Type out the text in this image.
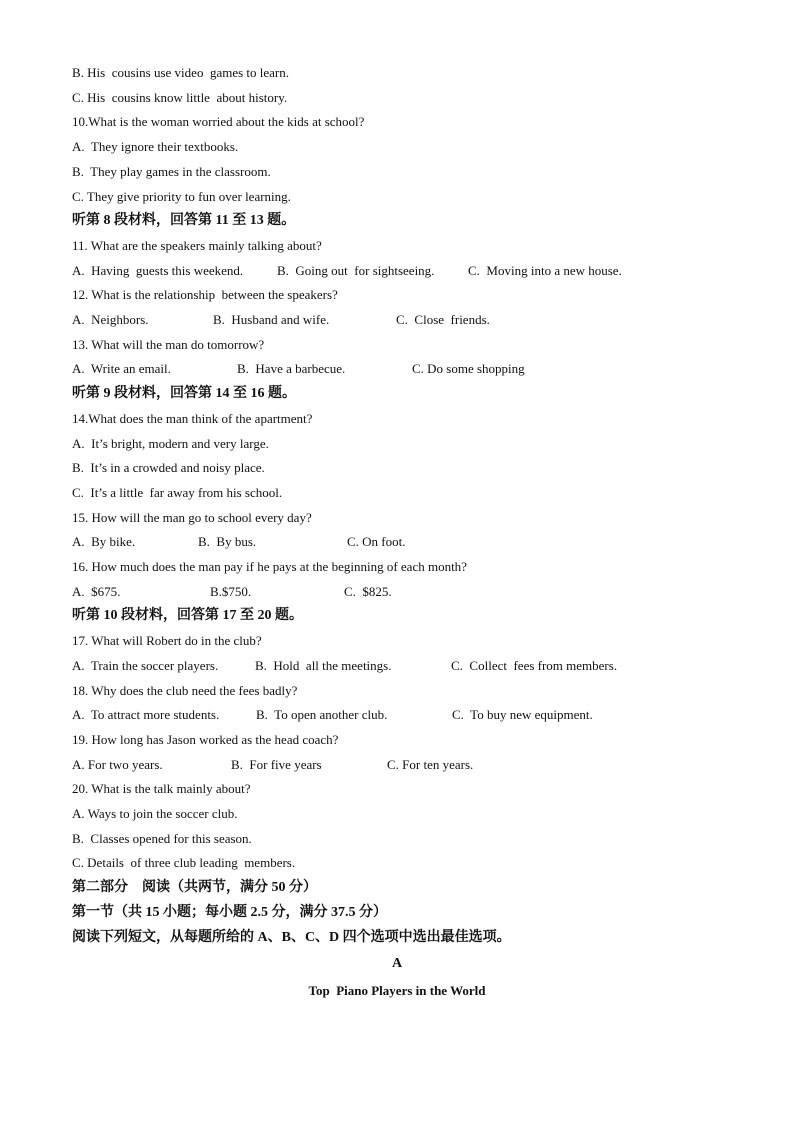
B. His  cousins use video  games to learn.
C. His  cousins know little  about history.
10.What is the woman worried about the kids at school?
A.  They ignore their textbooks.
B.  They play games in the classroom.
C. They give priority to fun over learning.
听第 8 段材料，回答第 11 至 13 题。
11. What are the speakers mainly talking about?
A.  Having  guests this weekend.	B.  Going out  for sightseeing.	C.  Moving into a new house.
12. What is the relationship  between the speakers?
A.  Neighbors.	B.  Husband and wife.	C.  Close  friends.
13. What will the man do tomorrow?
A.  Write an email.	B.  Have a barbecue.	C. Do some shopping
听第 9 段材料，回答第 14 至 16 题。
14.What does the man think of the apartment?
A.  It’s bright, modern and very large.
B.  It’s in a crowded and noisy place.
C.  It’s a little  far away from his school.
15. How will the man go to school every day?
A.  By bike.	B.  By bus.	C. On foot.
16. How much does the man pay if he pays at the beginning of each month?
A.  $675.	B.$750.	C.  $825.
听第 10 段材料，回答第 17 至 20 题。
17. What will Robert do in the club?
A.  Train the soccer players.	B.  Hold  all the meetings.	C.  Collect  fees from members.
18. Why does the club need the fees badly?
A.  To attract more students.	B.  To open another club.	C.  To buy new equipment.
19. How long has Jason worked as the head coach?
A. For two years.	B.  For five years	C. For ten years.
20. What is the talk mainly about?
A. Ways to join the soccer club.
B.  Classes opened for this season.
C. Details  of three club leading  members.
第二部分    阅读（共两节，满分 50 分）
第一节（共 15 小题；每小题 2.5 分，满分 37.5 分）
阅读下列短文，从每题所给的 A、B、C、D 四个选项中选出最佳选项。
A
Top  Piano Players in the World
